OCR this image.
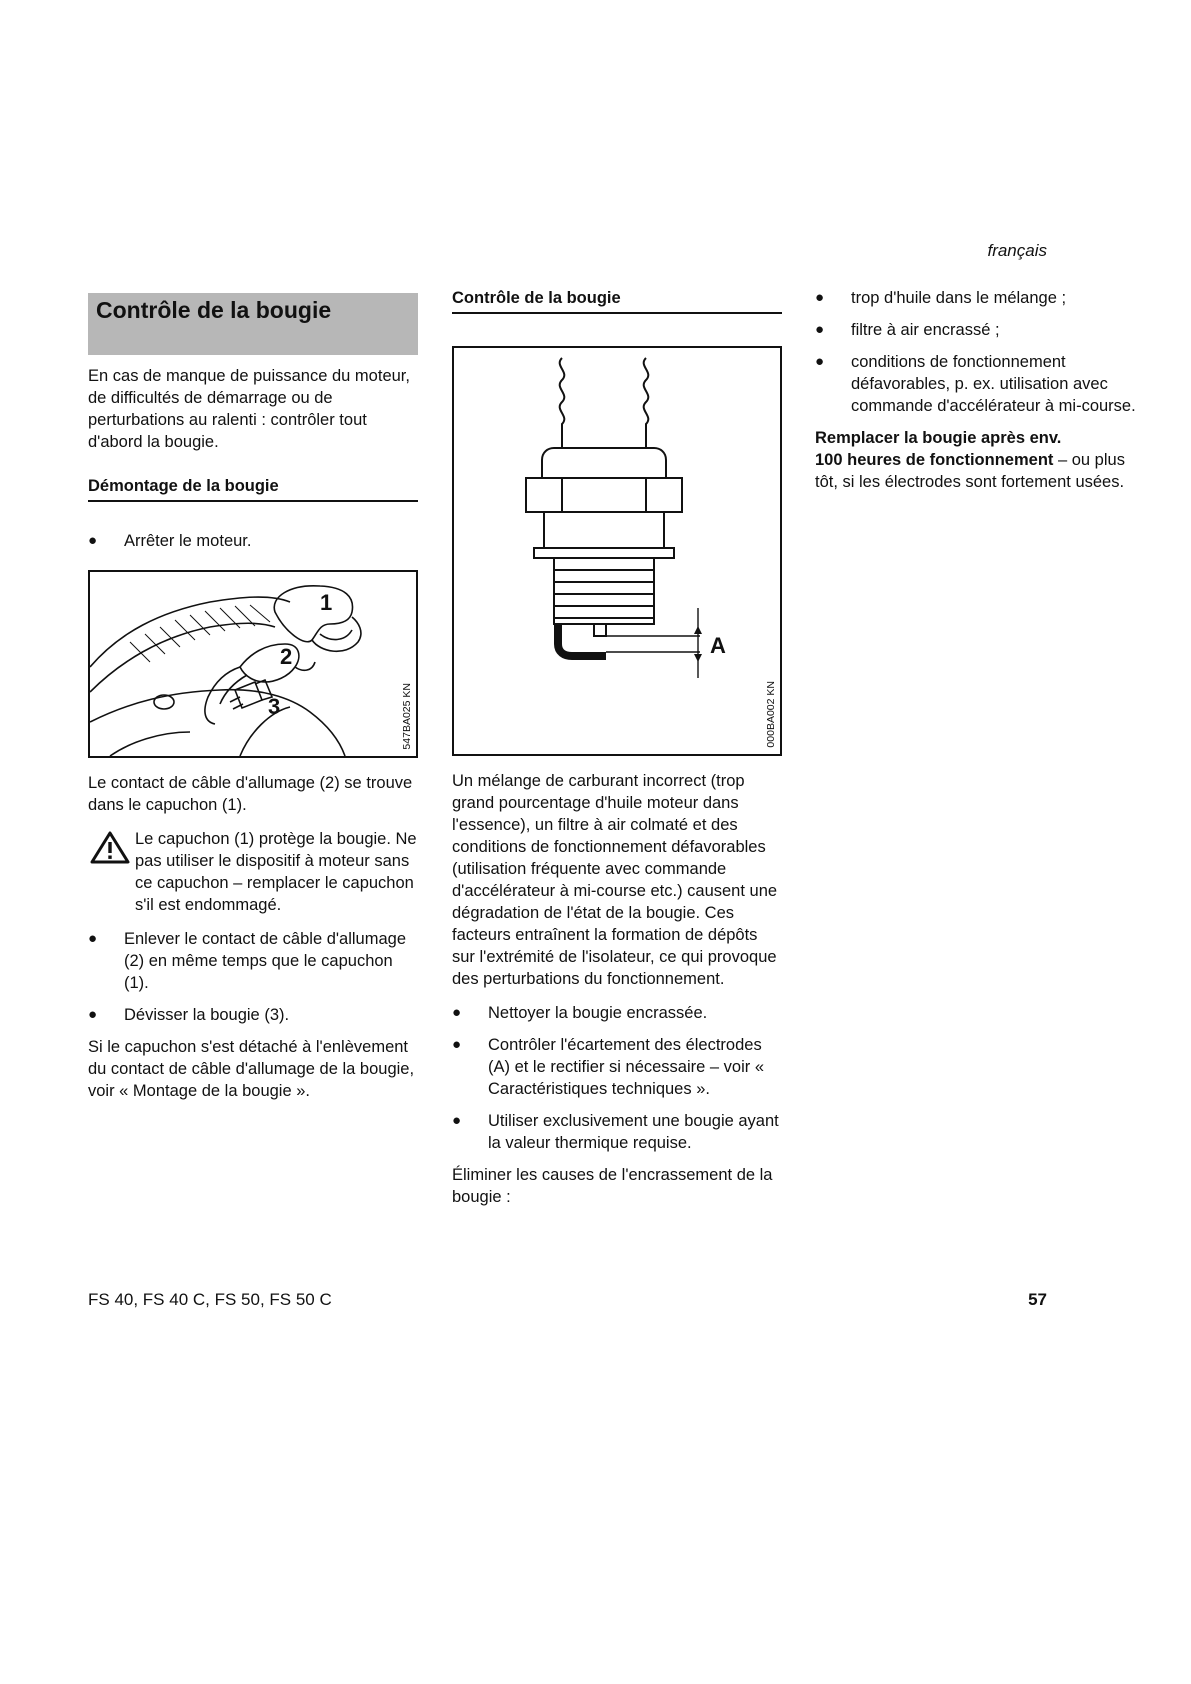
français
Contrôle de la bougie

En cas de manque de puissance du moteur, de difficultés de démarrage ou de perturbations au ralenti : contrôler tout d'abord la bougie.

Démontage de la bougie
● Arrêter le moteur.
1
2
3	547BA025 KN

Le contact de câble d'allumage (2) se trouve dans le capuchon (1).

Le capuchon (1) protège la bougie. Ne pas utiliser le dispositif à moteur sans ce capuchon – remplacer le capuchon s'il est endommagé.
● Enlever le contact de câble d'allumage (2) en même temps que le capuchon (1).
● Dévisser la bougie (3).

Si le capuchon s'est détaché à l'enlèvement du contact de câble d'allumage de la bougie, voir « Montage de la bougie ».

Contrôle de la bougie
A
000BA002 KN

Un mélange de carburant incorrect (trop grand pourcentage d'huile moteur dans l'essence), un filtre à air colmaté et des conditions de fonctionnement défavorables (utilisation fréquente avec commande d'accélérateur à mi-course etc.) causent une dégradation de l'état de la bougie. Ces facteurs entraînent la formation de dépôts sur l'extrémité de l'isolateur, ce qui provoque des perturbations du fonctionnement.

● Nettoyer la bougie encrassée.
● Contrôler l'écartement des électrodes (A) et le rectifier si nécessaire – voir « Caractéristiques techniques ».
● Utiliser exclusivement une bougie ayant la valeur thermique requise.

Éliminer les causes de l'encrassement de la bougie :

● trop d'huile dans le mélange ;
● filtre à air encrassé ;
● conditions de fonctionnement défavorables, p. ex. utilisation avec commande d'accélérateur à mi-course.

Remplacer la bougie après env.
100 heures de fonctionnement – ou plus tôt, si les électrodes sont fortement usées.

FS 40, FS 40 C, FS 50, FS 50 C	57
